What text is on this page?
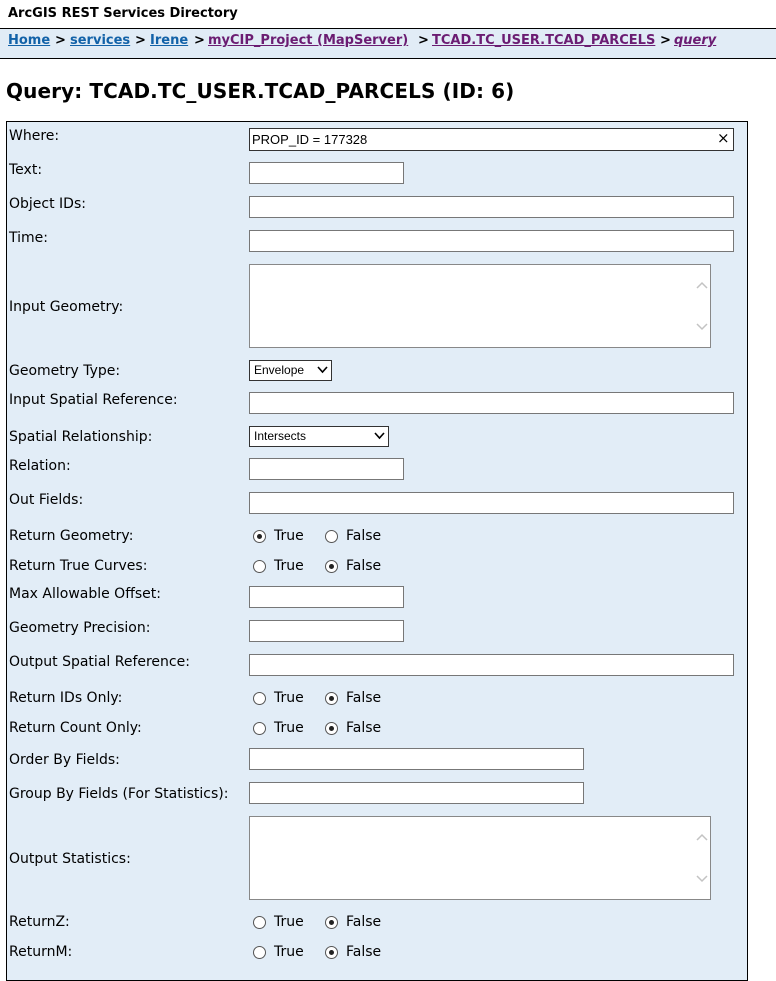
ArcGIS REST Services Directory
Home > services > Irene > myCIP_Project (MapServer) > TCAD.TC_USER.TCAD_PARCELS > query
Query: TCAD.TC_USER.TCAD_PARCELS (ID: 6)
Where:
PROP_ID = 177328	×
Text:
Object IDs:
Time:
Input Geometry:
Geometry Type:	Envelope
Input Spatial Reference:
Spatial Relationship:	Intersects
Relation:
Out Fields:
Return Geometry:	True	False
Return True Curves:	True	False
Max Allowable Offset:
Geometry Precision:
Output Spatial Reference:
Return IDs Only:	True	False
Return Count Only:	True	False
Order By Fields:
Group By Fields (For Statistics):
Output Statistics:
ReturnZ:	True	False
ReturnM:	True	False
